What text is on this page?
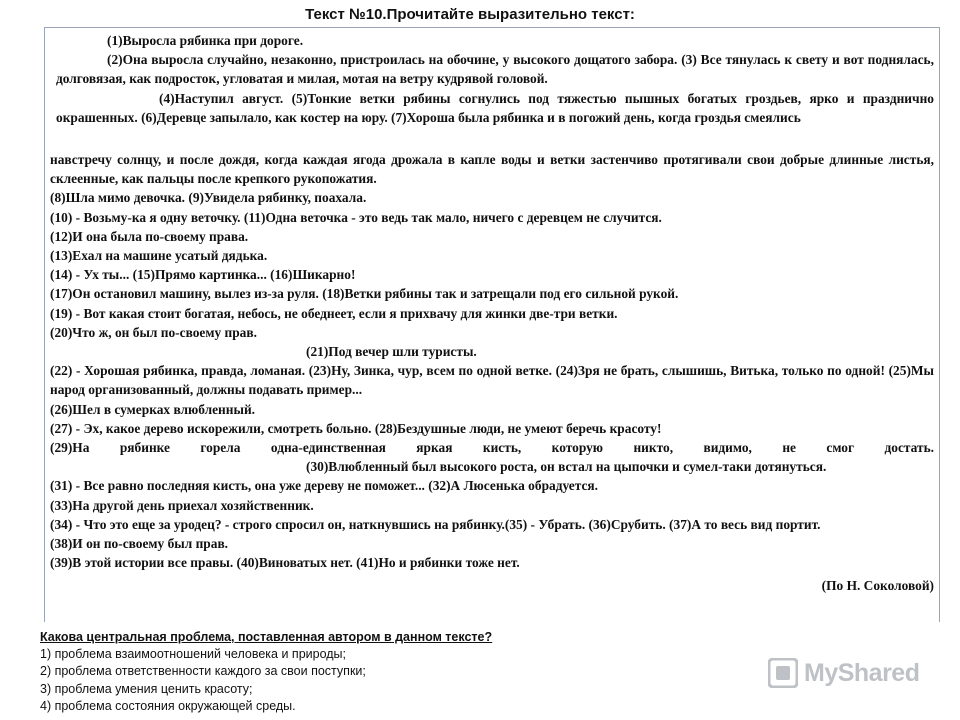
Текст №10.Прочитайте выразительно текст:

(1)Выросла рябинка при дороге.

(2)Она выросла случайно, незаконно, пристроилась на обочине, у высокого дощатого забора. (3) Все тянулась к свету и вот поднялась, долговязая, как подросток, угловатая и милая, мотая на ветру кудрявой головой.

(4)Наступил август. (5)Тонкие ветки рябины согнулись под тяжестью пышных богатых гроздьев, ярко и празднично окрашенных. (6)Деревце запылало, как костер на юру. (7)Хороша была рябинка и в погожий день, когда гроздья смеялись

навстречу солнцу, и после дождя, когда каждая ягода дрожала в капле воды и ветки застенчиво протягивали свои добрые длинные листья, склеенные, как пальцы после крепкого рукопожатия.

(8)Шла мимо девочка. (9)Увидела рябинку, поахала.

(10) - Возьму-ка я одну веточку. (11)Одна веточка - это ведь так мало, ничего с деревцем не случится.

(12)И она была по-своему права.

(13)Ехал на машине усатый дядька.

(14) - Ух ты... (15)Прямо картинка... (16)Шикарно!

(17)Он остановил машину, вылез из-за руля. (18)Ветки рябины так и затрещали под его сильной рукой.

(19) - Вот какая стоит богатая, небось, не обеднеет, если я прихвачу для жинки две-три ветки.

(20)Что ж, он был по-своему прав.

(21)Под вечер шли туристы.

(22) - Хорошая рябинка, правда, ломаная. (23)Ну, Зинка, чур, всем по одной ветке. (24)Зря не брать, слышишь, Витька, только по одной! (25)Мы народ организованный, должны подавать пример...

(26)Шел в сумерках влюбленный.

(27) - Эх, какое дерево искорежили, смотреть больно. (28)Бездушные люди, не умеют беречь красоту!

(29)На рябинке горела одна-единственная яркая кисть, которую никто, видимо, не смог достать.

(30)Влюбленный был высокого роста, он встал на цыпочки и сумел-таки дотянуться.

(31) - Все равно последняя кисть, она уже дереву не поможет... (32)А Люсенька обрадуется.

(33)На другой день приехал хозяйственник.

(34) - Что это еще за уродец? - строго спросил он, наткнувшись на рябинку.(35) - Убрать. (36)Срубить. (37)А то весь вид портит.

(38)И он по-своему был прав.

(39)В этой истории все правы. (40)Виноватых нет. (41)Но и рябинки тоже нет.

(По Н. Соколовой)

Какова центральная проблема, поставленная автором в данном тексте?
1) проблема взаимоотношений человека и природы;
2) проблема ответственности каждого за свои поступки;
3) проблема умения ценить красоту;
4) проблема состояния окружающей среды.
MyShared
